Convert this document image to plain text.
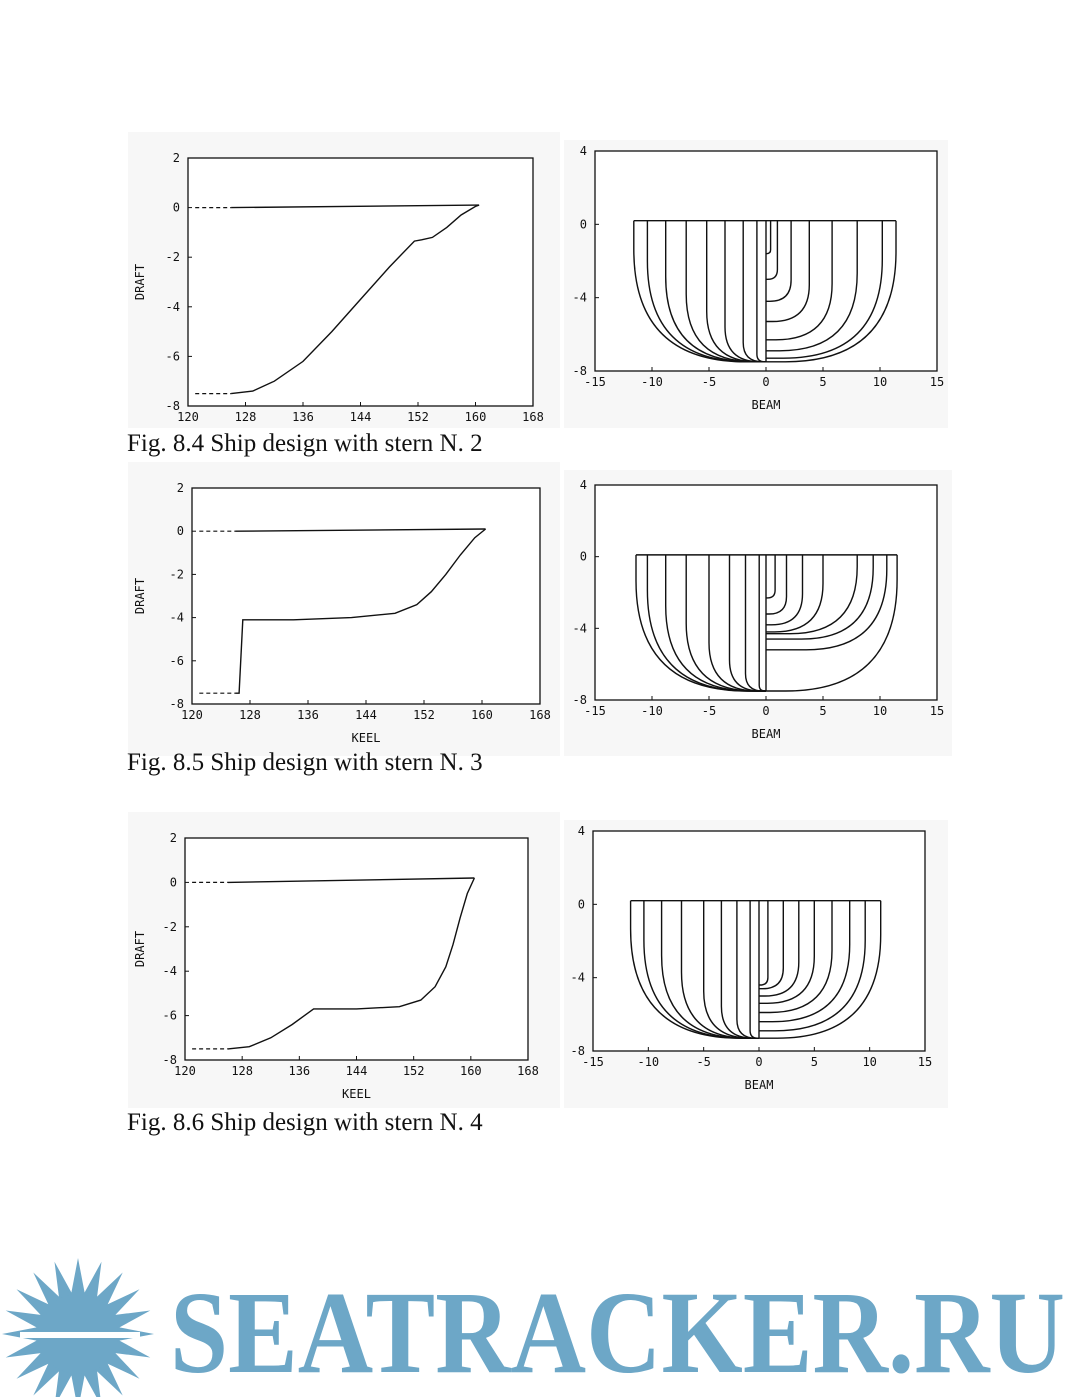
120	128	136	144	152	160	168
2
0
-2
-4
-6
-8
DRAFT
-15	-10	-5	0	5	10	15
4
0
-4
-8
BEAM
Fig. 8.4 Ship design with stern N. 2
120	128	136	144	152	160	168
2
0
-2
-4
-6
-8
KEEL
DRAFT
-15	-10	-5	0	5	10	15
4
0
-4
-8
BEAM
Fig. 8.5 Ship design with stern N. 3
120	128	136	144	152	160	168
2
0
-2
-4
-6
-8
KEEL
DRAFT
-15	-10	-5	0	5	10	15
4
0
-4
-8
BEAM
Fig. 8.6 Ship design with stern N. 4
SEATRACKER.RU
